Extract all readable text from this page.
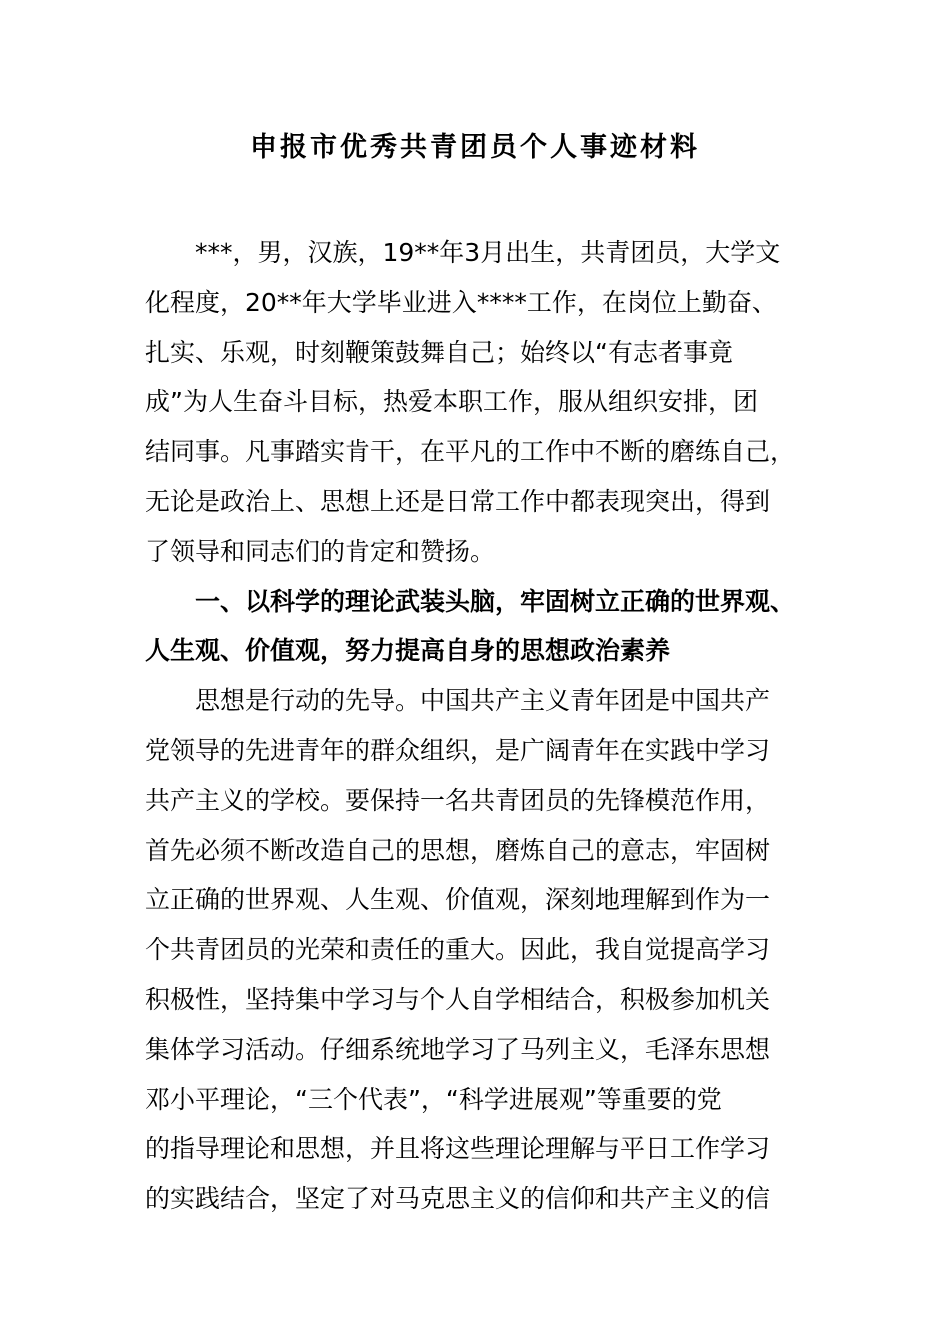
申报市优秀共青团员个人事迹材料
***，男，汉族，19**年3月出生，共青团员，大学文
化程度，20**年大学毕业进入****工作，在岗位上勤奋、
扎实、乐观，时刻鞭策鼓舞自己；始终以“有志者事竟
成”为人生奋斗目标，热爱本职工作，服从组织安排，团
结同事。凡事踏实肯干，在平凡的工作中不断的磨练自己，
无论是政治上、思想上还是日常工作中都表现突出，得到
了领导和同志们的肯定和赞扬。
一、以科学的理论武装头脑，牢固树立正确的世界观、
人生观、价值观，努力提高自身的思想政治素养
思想是行动的先导。中国共产主义青年团是中国共产
党领导的先进青年的群众组织，是广阔青年在实践中学习
共产主义的学校。要保持一名共青团员的先锋模范作用，
首先必须不断改造自己的思想，磨炼自己的意志，牢固树
立正确的世界观、人生观、价值观，深刻地理解到作为一
个共青团员的光荣和责任的重大。因此，我自觉提高学习
积极性，坚持集中学习与个人自学相结合，积极参加机关
集体学习活动。仔细系统地学习了马列主义，毛泽东思想
邓小平理论，“三个代表”，“科学进展观”等重要的党
的指导理论和思想，并且将这些理论理解与平日工作学习
的实践结合，坚定了对马克思主义的信仰和共产主义的信
